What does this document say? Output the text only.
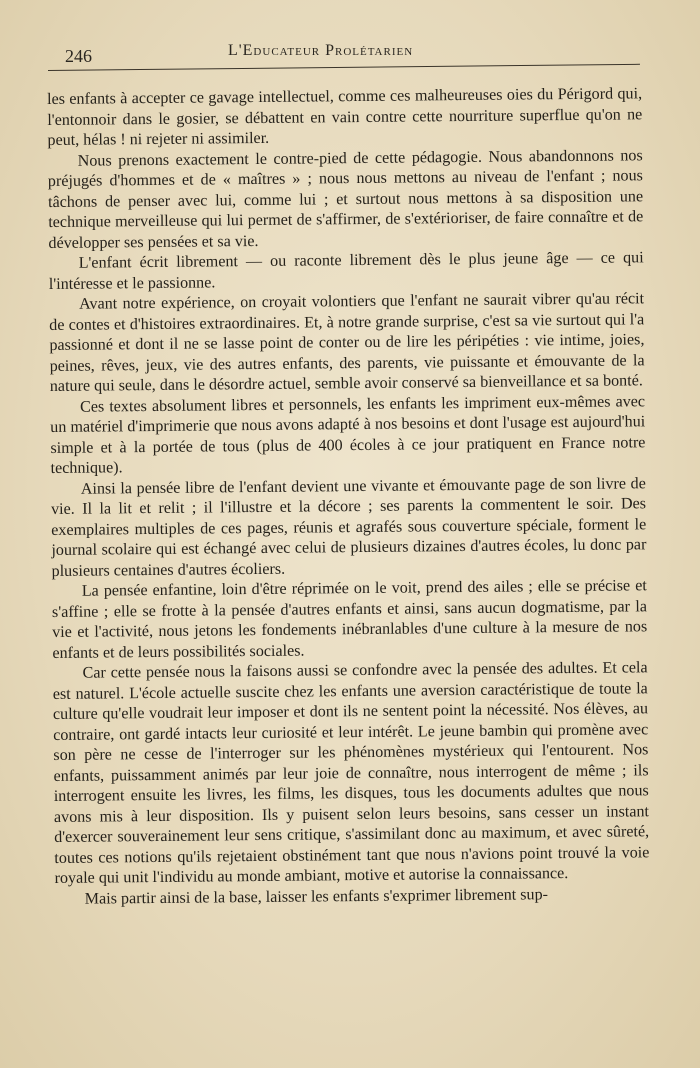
246	L'Educateur Prolétarien

les enfants à accepter ce gavage intellectuel, comme ces malheureuses oies du Périgord qui, l'entonnoir dans le gosier, se débattent en vain contre cette nourriture superflue qu'on ne peut, hélas ! ni rejeter ni assimiler.

Nous prenons exactement le contre-pied de cette pédagogie. Nous abandonnons nos préjugés d'hommes et de « maîtres » ; nous nous mettons au niveau de l'enfant ; nous tâchons de penser avec lui, comme lui ; et surtout nous mettons à sa disposition une technique merveilleuse qui lui permet de s'affirmer, de s'extérioriser, de faire connaître et de développer ses pensées et sa vie.

L'enfant écrit librement — ou raconte librement dès le plus jeune âge — ce qui l'intéresse et le passionne.

Avant notre expérience, on croyait volontiers que l'enfant ne saurait vibrer qu'au récit de contes et d'histoires extraordinaires. Et, à notre grande surprise, c'est sa vie surtout qui l'a passionné et dont il ne se lasse point de conter ou de lire les péripéties : vie intime, joies, peines, rêves, jeux, vie des autres enfants, des parents, vie puissante et émouvante de la nature qui seule, dans le désordre actuel, semble avoir conservé sa bienveillance et sa bonté.

Ces textes absolument libres et personnels, les enfants les impriment eux-mêmes avec un matériel d'imprimerie que nous avons adapté à nos besoins et dont l'usage est aujourd'hui simple et à la portée de tous (plus de 400 écoles à ce jour pratiquent en France notre technique).

Ainsi la pensée libre de l'enfant devient une vivante et émouvante page de son livre de vie. Il la lit et relit ; il l'illustre et la décore ; ses parents la commentent le soir. Des exemplaires multiples de ces pages, réunis et agrafés sous couverture spéciale, forment le journal scolaire qui est échangé avec celui de plusieurs dizaines d'autres écoles, lu donc par plusieurs centaines d'autres écoliers.

La pensée enfantine, loin d'être réprimée on le voit, prend des ailes ; elle se précise et s'affine ; elle se frotte à la pensée d'autres enfants et ainsi, sans aucun dogmatisme, par la vie et l'activité, nous jetons les fondements inébranlables d'une culture à la mesure de nos enfants et de leurs possibilités sociales.

Car cette pensée nous la faisons aussi se confondre avec la pensée des adultes. Et cela est naturel. L'école actuelle suscite chez les enfants une aversion caractéristique de toute la culture qu'elle voudrait leur imposer et dont ils ne sentent point la nécessité. Nos élèves, au contraire, ont gardé intacts leur curiosité et leur intérêt. Le jeune bambin qui promène avec son père ne cesse de l'interroger sur les phénomènes mystérieux qui l'entourent. Nos enfants, puissamment animés par leur joie de connaître, nous interrogent de même ; ils interrogent ensuite les livres, les films, les disques, tous les documents adultes que nous avons mis à leur disposition. Ils y puisent selon leurs besoins, sans cesser un instant d'exercer souverainement leur sens critique, s'assimilant donc au maximum, et avec sûreté, toutes ces notions qu'ils rejetaient obstinément tant que nous n'avions point trouvé la voie royale qui unit l'individu au monde ambiant, motive et autorise la connaissance.

Mais partir ainsi de la base, laisser les enfants s'exprimer librement sup-
